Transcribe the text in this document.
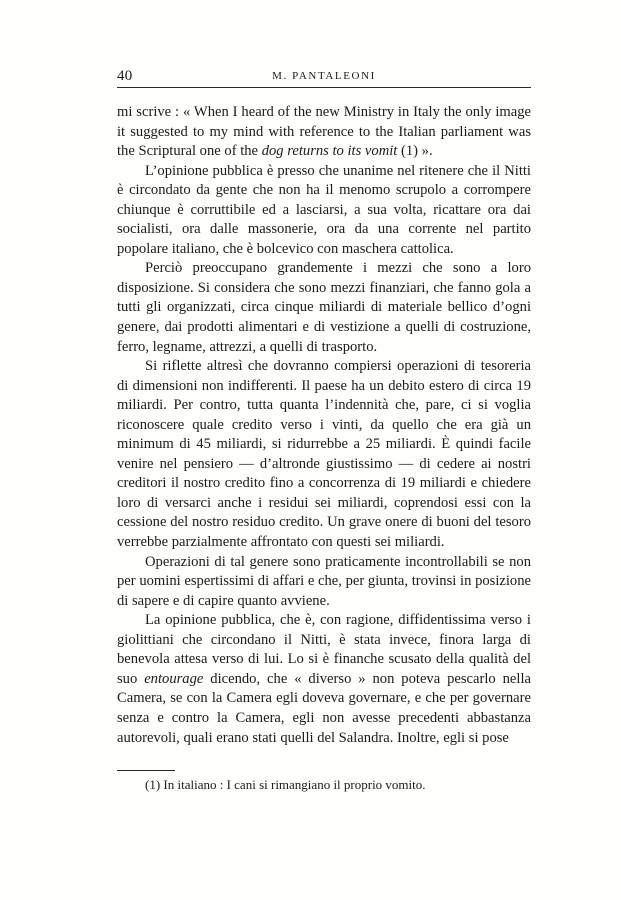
40	M. PANTALEONI

mi scrive : « When I heard of the new Ministry in Italy the only image it suggested to my mind with reference to the Italian parliament was the Scriptural one of the dog returns to its vomit (1) ».

L’opinione pubblica è presso che unanime nel ritenere che il Nitti è circondato da gente che non ha il menomo scrupolo a corrompere chiunque è corruttibile ed a lasciarsi, a sua volta, ricattare ora dai socialisti, ora dalle massonerie, ora da una corrente nel partito popolare italiano, che è bolcevico con maschera cattolica.

Perciò preoccupano grandemente i mezzi che sono a loro disposizione. Si considera che sono mezzi finanziari, che fanno gola a tutti gli organizzati, circa cinque miliardi di materiale bellico d’ogni genere, dai prodotti alimentari e di vestizione a quelli di costruzione, ferro, legname, attrezzi, a quelli di trasporto.

Si riflette altresì che dovranno compiersi operazioni di tesoreria di dimensioni non indifferenti. Il paese ha un debito estero di circa 19 miliardi. Per contro, tutta quanta l’indennità che, pare, ci si voglia riconoscere quale credito verso i vinti, da quello che era già un minimum di 45 miliardi, si ridurrebbe a 25 miliardi. È quindi facile venire nel pensiero — d’altronde giustissimo — di cedere ai nostri creditori il nostro credito fino a concorrenza di 19 miliardi e chiedere loro di versarci anche i residui sei miliardi, coprendosi essi con la cessione del nostro residuo credito. Un grave onere di buoni del tesoro verrebbe parzialmente affrontato con questi sei miliardi.

Operazioni di tal genere sono praticamente incontrollabili se non per uomini espertissimi di affari e che, per giunta, trovinsi in posizione di sapere e di capire quanto avviene.

La opinione pubblica, che è, con ragione, diffidentissima verso i giolittiani che circondano il Nitti, è stata invece, finora larga di benevola attesa verso di lui. Lo si è finanche scusato della qualità del suo entourage dicendo, che « diverso » non poteva pescarlo nella Camera, se con la Camera egli doveva governare, e che per governare senza e contro la Camera, egli non avesse precedenti abbastanza autorevoli, quali erano stati quelli del Salandra. Inoltre, egli si pose

(1) In italiano : I cani si rimangiano il proprio vomito.
